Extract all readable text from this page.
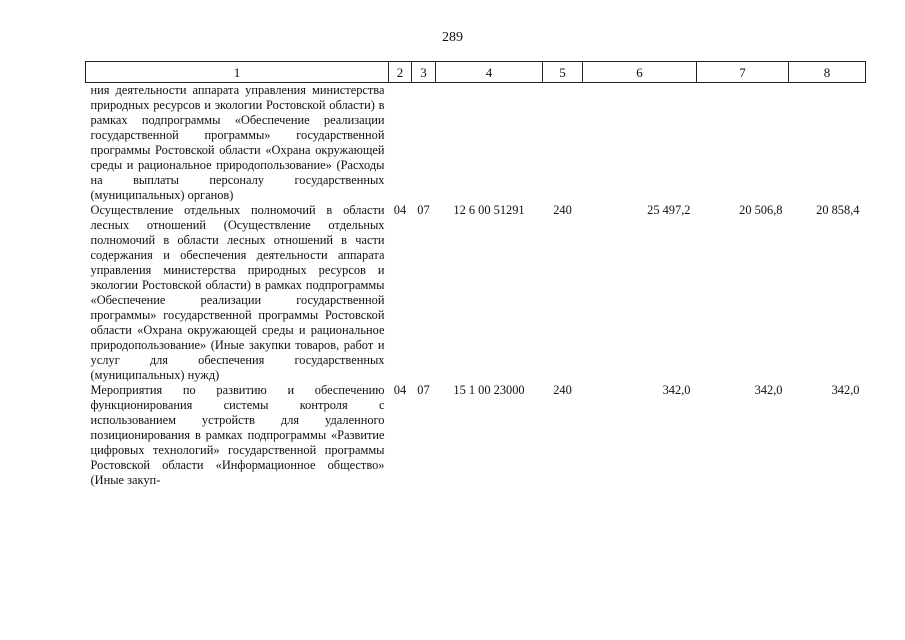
289
1	2	3	4	5	6	7	8
ния деятельности аппарата управления министерства природных ресурсов и экологии Ростовской области) в рамках подпрограммы «Обеспечение реализации государственной программы» государственной программы Ростовской области «Охрана окружающей среды и рациональное природопользование» (Расходы на выплаты персоналу государственных (муниципальных) органов)							
Осуществление отдельных полномочий в области лесных отношений (Осуществление отдельных полномочий в области лесных отношений в части содержания и обеспечения деятельности аппарата управления министерства природных ресурсов и экологии Ростовской области) в рамках подпрограммы «Обеспечение реализации государственной программы» государственной программы Ростовской области «Охрана окружающей среды и рациональное природопользование» (Иные закупки товаров, работ и услуг для обеспечения государственных (муниципальных) нужд)	04	07	12 6 00 51291	240	25 497,2	20 506,8	20 858,4
Мероприятия по развитию и обеспечению функционирования системы контроля с использованием устройств для удаленного позиционирования в рамках подпрограммы «Развитие цифровых технологий» государственной программы Ростовской области «Информационное общество» (Иные закуп-	04	07	15 1 00 23000	240	342,0	342,0	342,0
